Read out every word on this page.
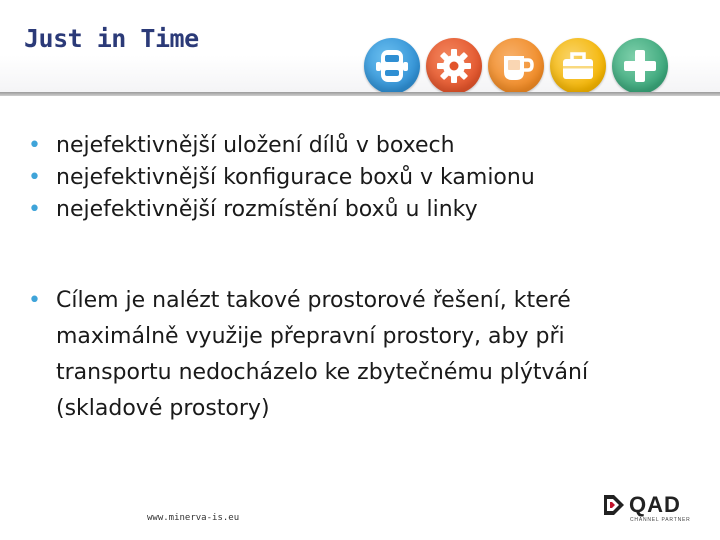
Just in Time
• nejefektivnější uložení dílů v boxech
• nejefektivnější konfigurace boxů v kamionu
• nejefektivnější rozmístění boxů u linky
• Cílem je nalézt takové prostorové řešení, které
maximálně využije přepravní prostory, aby při
transportu nedocházelo ke zbytečnému plýtvání
(skladové prostory)
www.minerva-is.eu
QAD
CHANNEL PARTNER
